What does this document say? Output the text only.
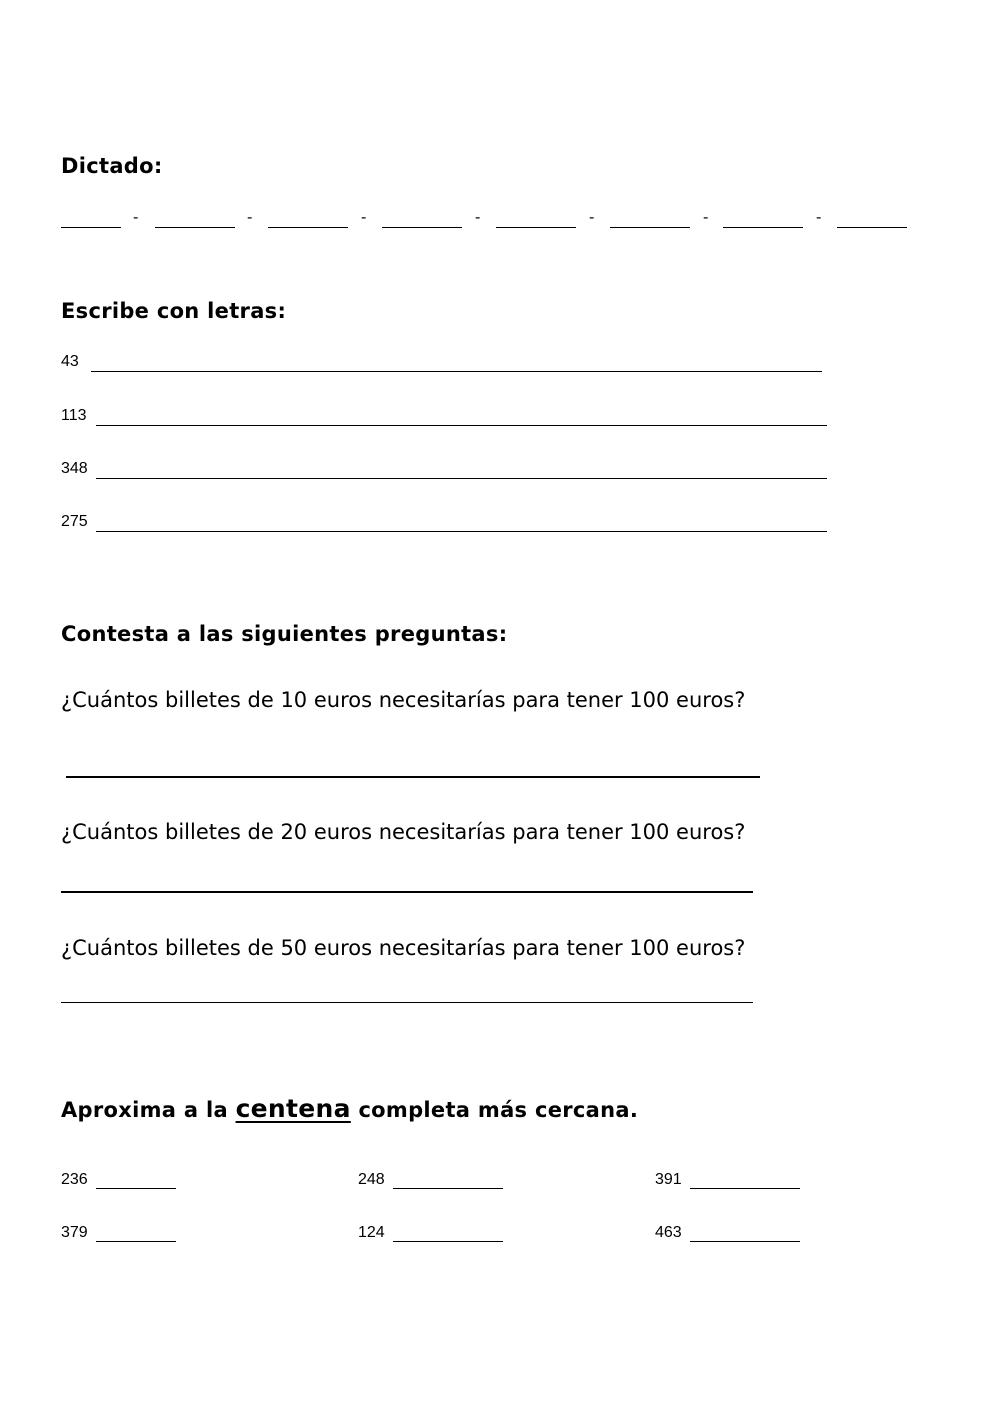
Dictado:
-	-	-	-	-	-	-
Escribe con letras:
43
113
348
275
Contesta a las siguientes preguntas:
¿Cuántos billetes de 10 euros necesitarías para tener 100 euros?
¿Cuántos billetes de 20 euros necesitarías para tener 100 euros?
¿Cuántos billetes de 50 euros necesitarías para tener 100 euros?
Aproxima a la centena completa más cercana.
236	248	391
379	124	463
